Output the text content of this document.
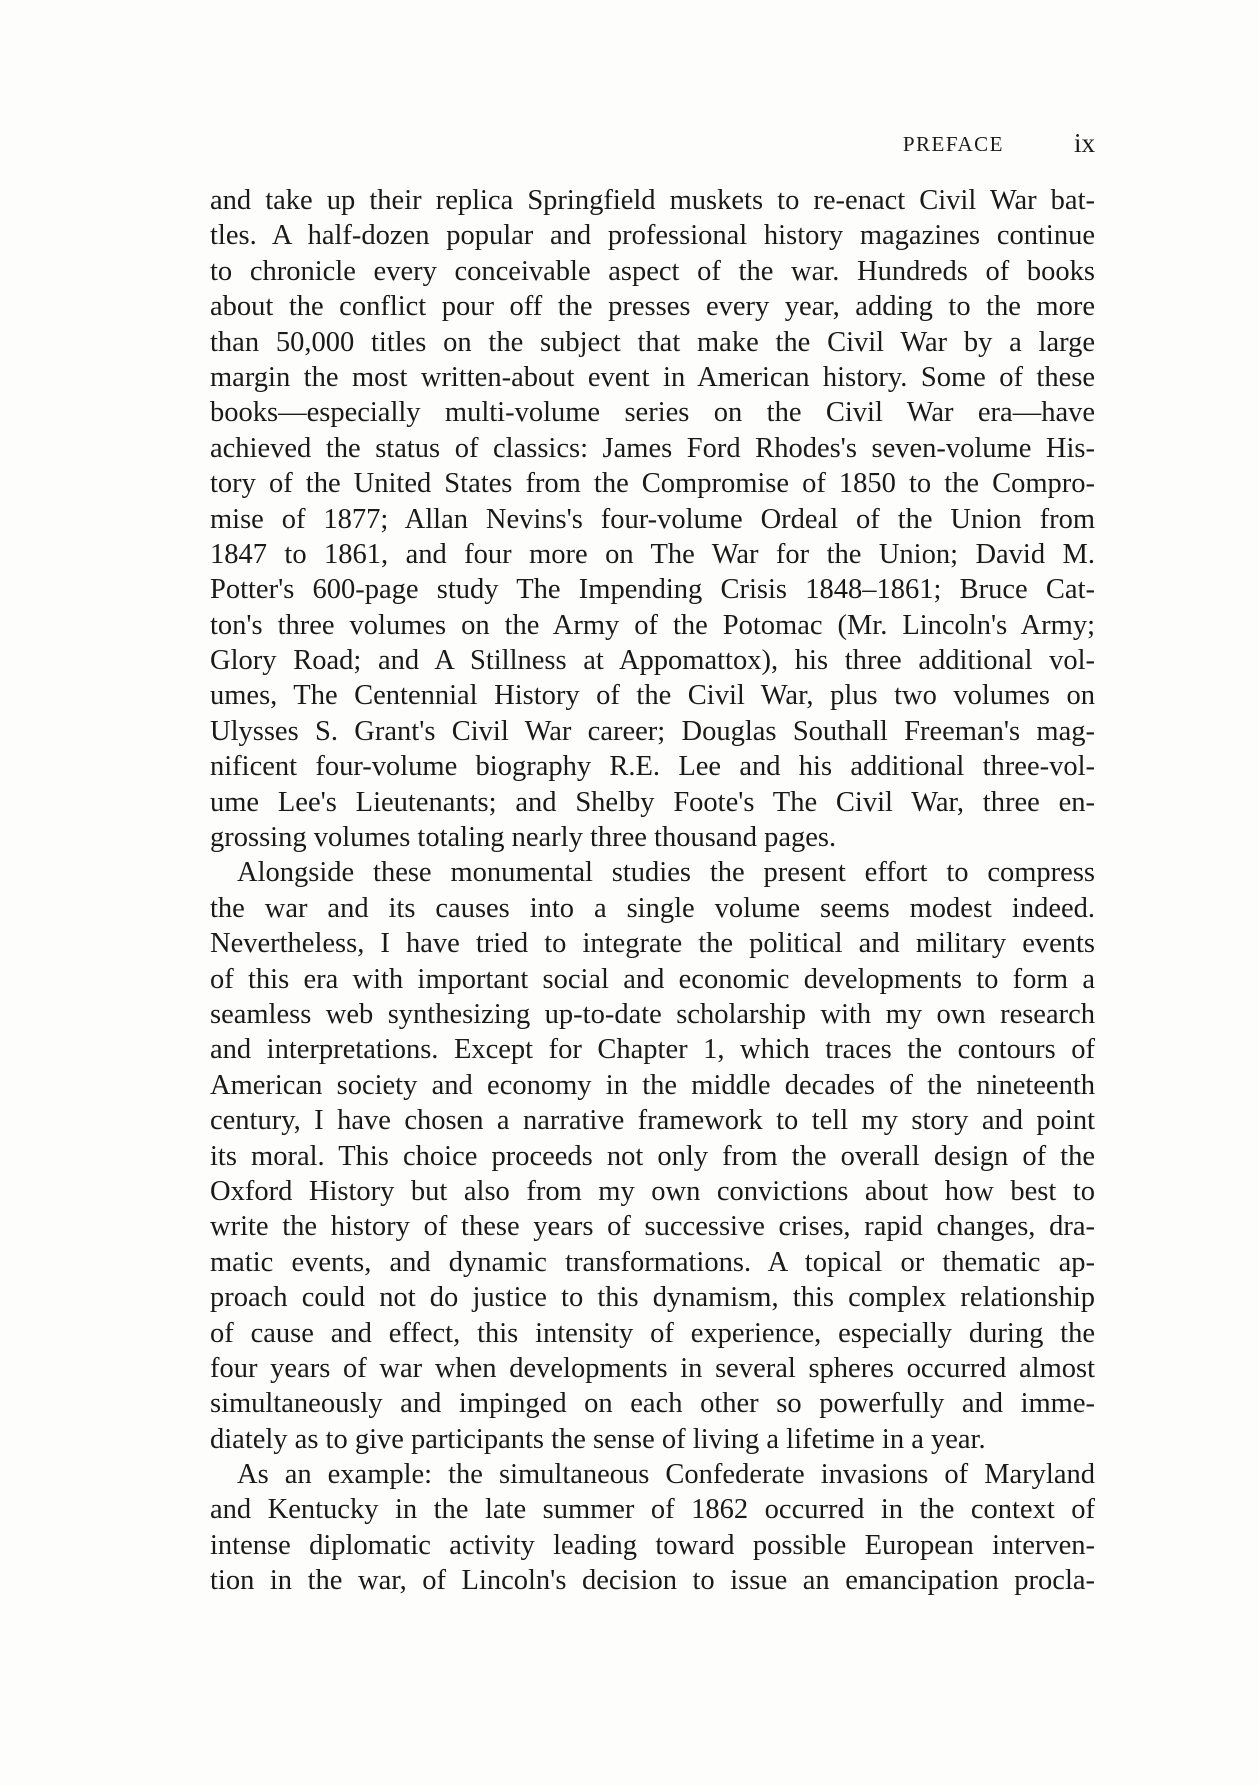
PREFACE	ix
and take up their replica Springfield muskets to re-enact Civil War bat-
tles. A half-dozen popular and professional history magazines continue
to chronicle every conceivable aspect of the war. Hundreds of books
about the conflict pour off the presses every year, adding to the more
than 50,000 titles on the subject that make the Civil War by a large
margin the most written-about event in American history. Some of these
books—especially multi-volume series on the Civil War era—have
achieved the status of classics: James Ford Rhodes's seven-volume His-
tory of the United States from the Compromise of 1850 to the Compro-
mise of 1877; Allan Nevins's four-volume Ordeal of the Union from
1847 to 1861, and four more on The War for the Union; David M.
Potter's 600-page study The Impending Crisis 1848–1861; Bruce Cat-
ton's three volumes on the Army of the Potomac (Mr. Lincoln's Army;
Glory Road; and A Stillness at Appomattox), his three additional vol-
umes, The Centennial History of the Civil War, plus two volumes on
Ulysses S. Grant's Civil War career; Douglas Southall Freeman's mag-
nificent four-volume biography R.E. Lee and his additional three-vol-
ume Lee's Lieutenants; and Shelby Foote's The Civil War, three en-
grossing volumes totaling nearly three thousand pages.
Alongside these monumental studies the present effort to compress
the war and its causes into a single volume seems modest indeed.
Nevertheless, I have tried to integrate the political and military events
of this era with important social and economic developments to form a
seamless web synthesizing up-to-date scholarship with my own research
and interpretations. Except for Chapter 1, which traces the contours of
American society and economy in the middle decades of the nineteenth
century, I have chosen a narrative framework to tell my story and point
its moral. This choice proceeds not only from the overall design of the
Oxford History but also from my own convictions about how best to
write the history of these years of successive crises, rapid changes, dra-
matic events, and dynamic transformations. A topical or thematic ap-
proach could not do justice to this dynamism, this complex relationship
of cause and effect, this intensity of experience, especially during the
four years of war when developments in several spheres occurred almost
simultaneously and impinged on each other so powerfully and imme-
diately as to give participants the sense of living a lifetime in a year.
As an example: the simultaneous Confederate invasions of Maryland
and Kentucky in the late summer of 1862 occurred in the context of
intense diplomatic activity leading toward possible European interven-
tion in the war, of Lincoln's decision to issue an emancipation procla-
